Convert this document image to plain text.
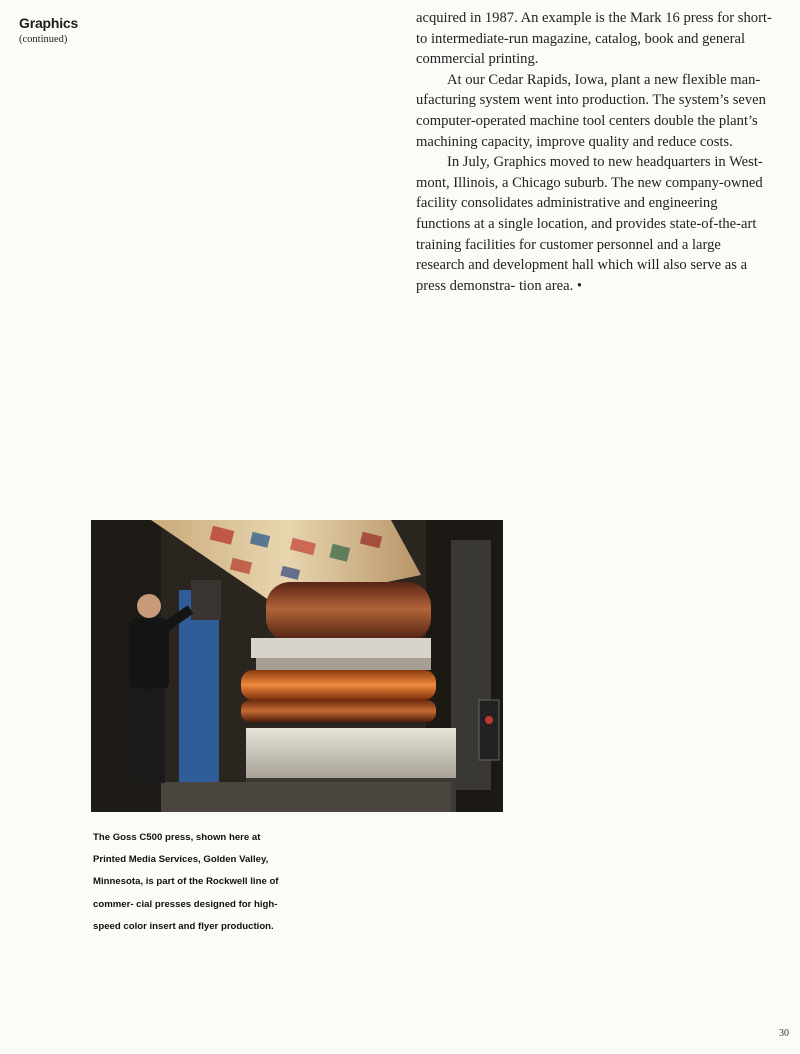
Graphics
(continued)

acquired in 1987. An example is the Mark 16 press for short- to intermediate-run magazine, catalog, book and general commercial printing.

At our Cedar Rapids, Iowa, plant a new flexible man- ufacturing system went into production. The system’s seven computer-operated machine tool centers double the plant’s machining capacity, improve quality and reduce costs.

In July, Graphics moved to new headquarters in West- mont, Illinois, a Chicago suburb. The new company-owned facility consolidates administrative and engineering functions at a single location, and provides state-of-the-art training facilities for customer personnel and a large research and development hall which will also serve as a press demonstra- tion area. •

The Goss C500 press, shown here at Printed Media Services, Golden Valley, Minnesota, is part of the Rockwell line of commer- cial presses designed for high- speed color insert and flyer production.
30
